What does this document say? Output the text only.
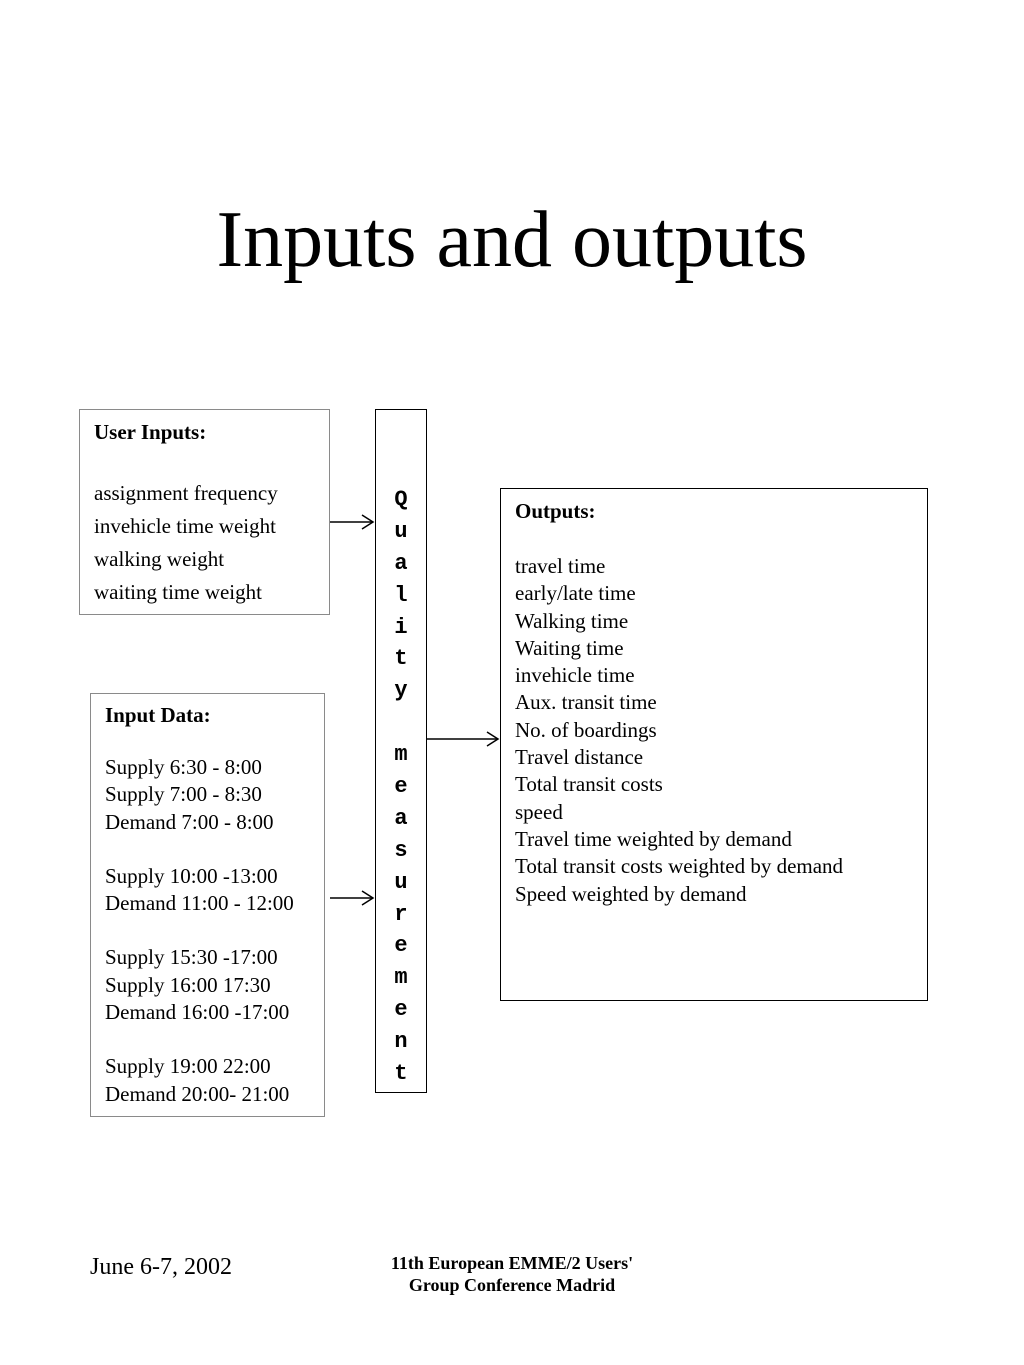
Inputs and outputs
User Inputs:
assignment frequency
invehicle time weight
walking weight
waiting time weight
Input Data:
Supply 6:30 - 8:00
Supply 7:00 - 8:30
Demand 7:00 - 8:00
Supply 10:00 -13:00
Demand 11:00 - 12:00
Supply 15:30 -17:00
Supply 16:00 17:30
Demand 16:00 -17:00
Supply 19:00 22:00
Demand 20:00- 21:00
Q
u
a
l
i
t
y

m
e
a
s
u
r
e
m
e
n
t
Outputs:
travel time
early/late time
Walking time
Waiting time
invehicle time
Aux. transit time
No. of boardings
Travel distance
Total transit costs
speed
Travel time weighted by demand
Total transit costs weighted by demand
Speed weighted by demand
June 6-7, 2002	11th European EMME/2 Users'
Group Conference Madrid
